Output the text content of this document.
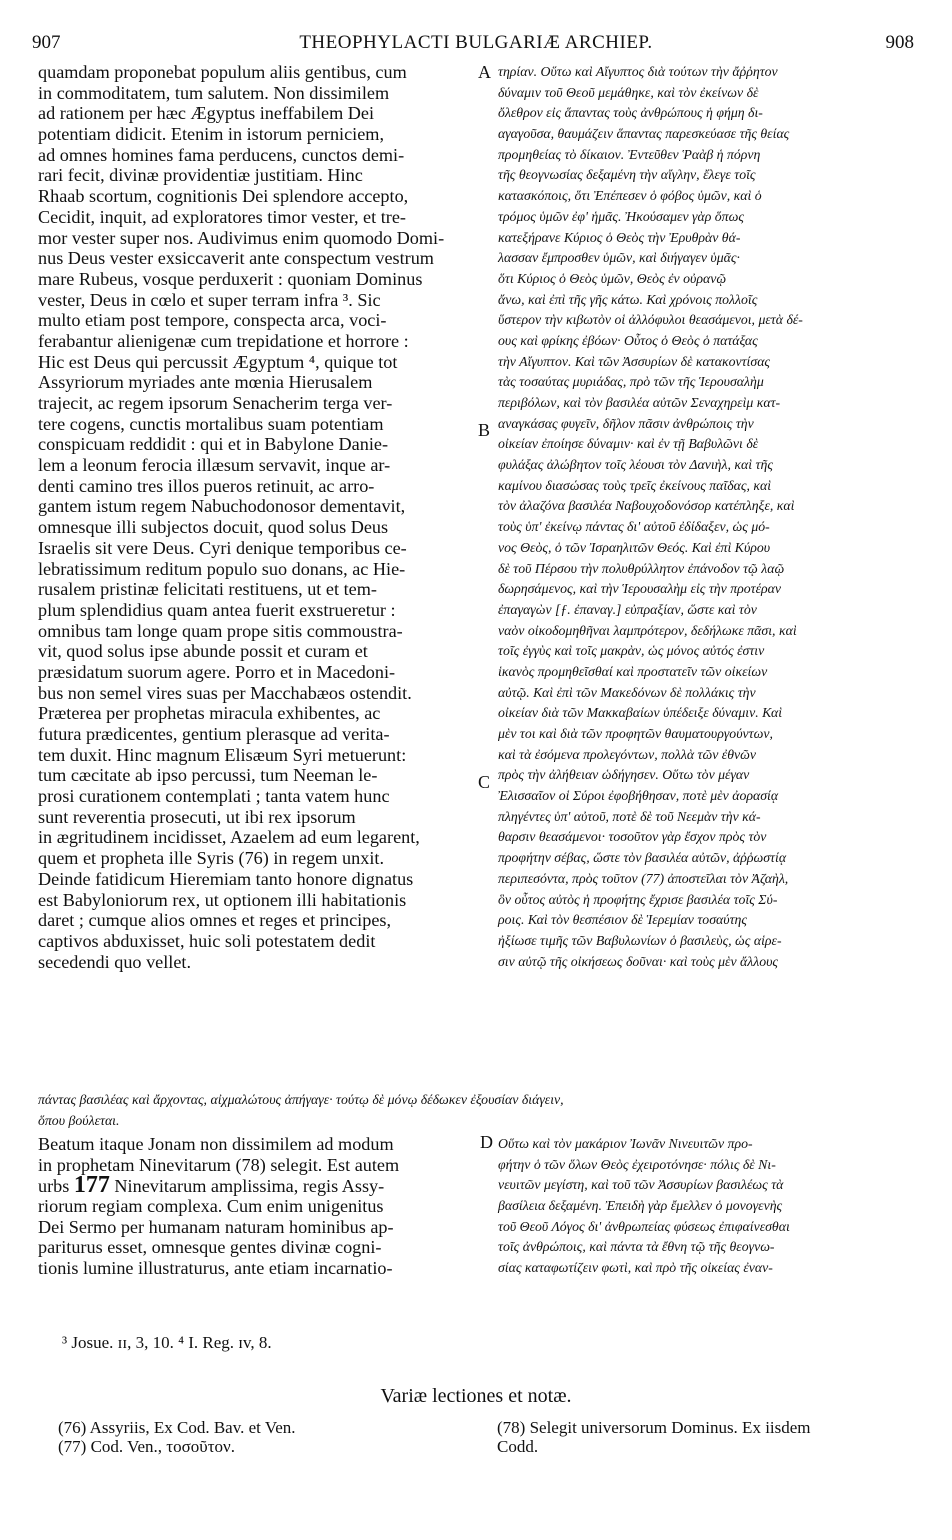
907	THEOPHYLACTI BULGARIÆ ARCHIEP.	908
quamdam proponebat populum aliis gentibus, cum
in commoditatem, tum salutem. Non dissimilem
ad rationem per hæc Ægyptus ineffabilem Dei
potentiam didicit. Etenim in istorum perniciem,
ad omnes homines fama perducens, cunctos demi-
rari fecit, divinæ providentiæ justitiam. Hinc
Rhaab scortum, cognitionis Dei splendore accepto,
Cecidit, inquit, ad exploratores timor vester, et tre-
mor vester super nos. Audivimus enim quomodo Domi-
nus Deus vester exsiccaverit ante conspectum vestrum
mare Rubeus, vosque perduxerit : quoniam Dominus
vester, Deus in cœlo et super terram infra ³. Sic
multo etiam post tempore, conspecta arca, voci-
ferabantur alienigenæ cum trepidatione et horrore :
Hic est Deus qui percussit Ægyptum ⁴, quique tot
Assyriorum myriades ante mœnia Hierusalem
trajecit, ac regem ipsorum Senacherim terga ver-
tere cogens, cunctis mortalibus suam potentiam
conspicuam reddidit : qui et in Babylone Danie-
lem a leonum ferocia illæsum servavit, inque ar-
denti camino tres illos pueros retinuit, ac arro-
gantem istum regem Nabuchodonosor dementavit,
omnesque illi subjectos docuit, quod solus Deus
Israelis sit vere Deus. Cyri denique temporibus ce-
lebratissimum reditum populo suo donans, ac Hie-
rusalem pristinæ felicitati restituens, ut et tem-
plum splendidius quam antea fuerit exstrueretur :
omnibus tam longe quam prope sitis commoustra-
vit, quod solus ipse abunde possit et curam et
præsidatum suorum agere. Porro et in Macedoni-
bus non semel vires suas per Macchabæos ostendit.
Præterea per prophetas miracula exhibentes, ac
futura prædicentes, gentium plerasque ad verita-
tem duxit. Hinc magnum Elisæum Syri metuerunt:
tum cæcitate ab ipso percussi, tum Neeman le-
prosi curationem contemplati ; tanta vatem hunc
sunt reverentia prosecuti, ut ibi rex ipsorum
in ægritudinem incidisset, Azaelem ad eum legarent,
quem et propheta ille Syris (76) in regem unxit.
Deinde fatidicum Hieremiam tanto honore dignatus
est Babyloniorum rex, ut optionem illi habitationis
daret ; cumque alios omnes et reges et principes,
captivos abduxisset, huic soli potestatem dedit
secedendi quo vellet.
τηρίαν. Οὕτω καὶ Αἴγυπτος διὰ τούτων τὴν ἄῤῥητον
δύναμιν τοῦ Θεοῦ μεμάθηκε, καὶ τὸν ἐκείνων δὲ
ὄλεθρον εἰς ἅπαντας τοὺς ἀνθρώπους ἡ φήμη δι-
αγαγοῦσα, θαυμάζειν ἅπαντας παρεσκεύασε τῆς θείας
προμηθείας τὸ δίκαιον. Ἐντεῦθεν Ῥαὰβ ἡ πόρνη
τῆς θεογνωσίας δεξαμένη τὴν αἴγλην, ἔλεγε τοῖς
κατασκόποις, ὅτι Ἐπέπεσεν ὁ φόβος ὑμῶν, καὶ ὁ
τρόμος ὑμῶν ἐφ' ἡμᾶς. Ἠκούσαμεν γὰρ ὅπως
κατεξήρανε Κύριος ὁ Θεὸς τὴν Ἐρυθρὰν θά-
λασσαν ἔμπροσθεν ὑμῶν, καὶ διήγαγεν ὑμᾶς·
ὅτι Κύριος ὁ Θεὸς ὑμῶν, Θεὸς ἐν οὐρανῷ
ἄνω, καὶ ἐπὶ τῆς γῆς κάτω. Καὶ χρόνοις πολλοῖς
ὕστερον τὴν κιβωτὸν οἱ ἀλλόφυλοι θεασάμενοι, μετὰ δέ-
ους καὶ φρίκης ἐβόων· Οὗτος ὁ Θεὸς ὁ πατάξας
τὴν Αἴγυπτον. Καὶ τῶν Ἀσσυρίων δὲ κατακοντίσας
τὰς τοσαύτας μυριάδας, πρὸ τῶν τῆς Ἱερουσαλὴμ
περιβόλων, καὶ τὸν βασιλέα αὐτῶν Σεναχηρεὶμ κατ-
αναγκάσας φυγεῖν, δῆλον πᾶσιν ἀνθρώποις τὴν
οἰκείαν ἐποίησε δύναμιν· καὶ ἐν τῇ Βαβυλῶνι δὲ
φυλάξας ἀλώβητον τοῖς λέουσι τὸν Δανιὴλ, καὶ τῆς
καμίνου διασώσας τοὺς τρεῖς ἐκείνους παῖδας, καὶ
τὸν ἀλαζόνα βασιλέα Ναβουχοδονόσορ κατέπληξε, καὶ
τοὺς ὑπ' ἐκείνῳ πάντας δι' αὐτοῦ ἐδίδαξεν, ὡς μό-
νος Θεὸς, ὁ τῶν Ἰσραηλιτῶν Θεός. Καὶ ἐπὶ Κύρου
δὲ τοῦ Πέρσου τὴν πολυθρύλλητον ἐπάνοδον τῷ λαῷ
δωρησάμενος, καὶ τὴν Ἱερουσαλὴμ εἰς τὴν προτέραν
ἐπαγαγὼν [ƒ. ἐπαναγ.] εὐπραξίαν, ὥστε καὶ τὸν
ναὸν οἰκοδομηθῆναι λαμπρότερον, δεδήλωκε πᾶσι, καὶ
τοῖς ἐγγὺς καὶ τοῖς μακρὰν, ὡς μόνος αὐτός ἐστιν
ἱκανὸς προμηθεῖσθαί καὶ προστατεῖν τῶν οἰκείων
αὐτῷ. Καὶ ἐπὶ τῶν Μακεδόνων δὲ πολλάκις τὴν
οἰκείαν διὰ τῶν Μακκαβαίων ὑπέδειξε δύναμιν. Καὶ
μὲν τοι καὶ διὰ τῶν προφητῶν θαυματουργούντων,
καὶ τὰ ἐσόμενα προλεγόντων, πολλὰ τῶν ἐθνῶν
πρὸς τὴν ἀλήθειαν ὡδήγησεν. Οὕτω τὸν μέγαν
Ἐλισσαῖον οἱ Σύροι ἐφοβήθησαν, ποτὲ μὲν ἀορασίᾳ
πληγέντες ὑπ' αὐτοῦ, ποτὲ δὲ τοῦ Νεεμὰν τὴν κά-
θαρσιν θεασάμενοι· τοσοῦτον γὰρ ἔσχον πρὸς τὸν
προφήτην σέβας, ὥστε τὸν βασιλέα αὐτῶν, ἀῤῥωστίᾳ
περιπεσόντα, πρὸς τοῦτον (77) ἀποστεῖλαι τὸν Ἀζαὴλ,
ὃν οὗτος αὐτὸς ἡ προφήτης ἔχρισε βασιλέα τοῖς Σύ-
ροις. Καὶ τὸν θεσπέσιον δὲ Ἱερεμίαν τοσαύτης
ἠξίωσε τιμῆς τῶν Βαβυλωνίων ὁ βασιλεὺς, ὡς αἱρε-
σιν αὐτῷ τῆς οἰκήσεως δοῦναι· καὶ τοὺς μὲν ἄλλους
A
B
C
D
πάντας βασιλέας καὶ ἄρχοντας, αἰχμαλώτους ἀπήγαγε· τούτῳ δὲ μόνῳ δέδωκεν ἐξουσίαν διάγειν,
ὅπου βούλεται.
Beatum itaque Jonam non dissimilem ad modum
in prophetam Ninevitarum (78) selegit. Est autem
urbs 177 Ninevitarum amplissima, regis Assy-
riorum regiam complexa. Cum enim unigenitus
Dei Sermo per humanam naturam hominibus ap-
pariturus esset, omnesque gentes divinæ cogni-
tionis lumine illustraturus, ante etiam incarnatio-
Οὕτω καὶ τὸν μακάριον Ἰωνᾶν Νινευιτῶν προ-
φήτην ὁ τῶν ὅλων Θεὸς ἐχειροτόνησε· πόλις δὲ Νι-
νευιτῶν μεγίστη, καὶ τοῦ τῶν Ἀσσυρίων βασιλέως τὰ
βασίλεια δεξαμένη. Ἐπειδὴ γὰρ ἔμελλεν ὁ μονογενὴς
τοῦ Θεοῦ Λόγος δι' ἀνθρωπείας φύσεως ἐπιφαίνεσθαι
τοῖς ἀνθρώποις, καὶ πάντα τὰ ἔθνη τῷ τῆς θεογνω-
σίας καταφωτίζειν φωτὶ, καὶ πρὸ τῆς οἰκείας ἐναν-
³ Josue. ɪɪ, 3, 10. ⁴ I. Reg. ɪv, 8.
Variæ lectiones et notæ.
(76) Assyriis, Ex Cod. Bav. et Ven.
(77) Cod. Ven., τοσοῦτον.
(78) Selegit universorum Dominus. Ex iisdem
Codd.
